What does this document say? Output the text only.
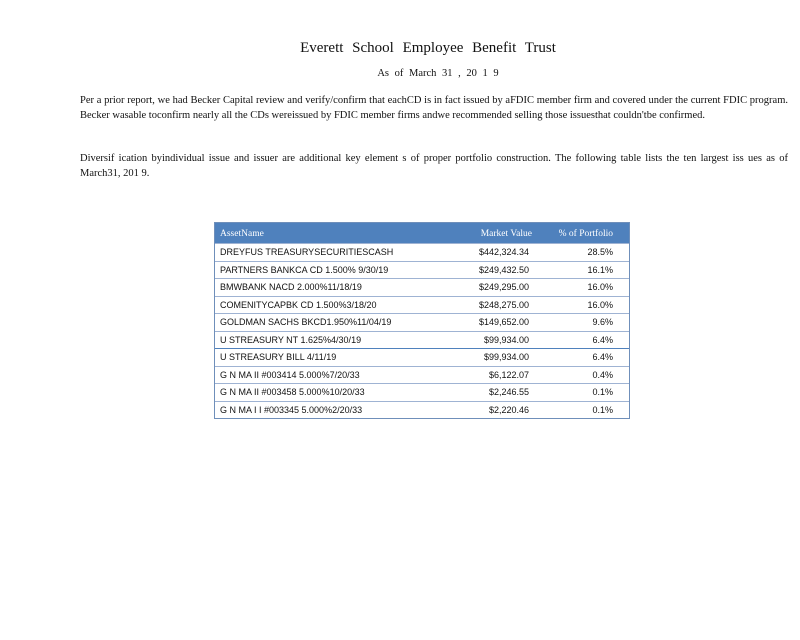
Everett School Employee Benefit Trust
As of March 31 , 20 1 9
Per a prior report, we had Becker Capital review and verify/confirm that eachCD is in fact issued by aFDIC member firm and covered under the current FDIC program. Becker wasable toconfirm nearly all the CDs wereissued by FDIC member firms andwe recommended selling those issuesthat couldn'tbe confirmed.
Diversif ication byindividual issue and issuer are additional key element s of proper portfolio construction. The following table lists the ten largest iss ues as of March31, 201 9.
AssetName	Market Value	% of Portfolio
DREYFUS TREASURYSECURITIESCASH	$442,324.34	28.5%
PARTNERS BANKCA CD 1.500% 9/30/19	$249,432.50	16.1%
BMWBANK NACD 2.000%11/18/19	$249,295.00	16.0%
COMENITYCAPBK CD 1.500%3/18/20	$248,275.00	16.0%
GOLDMAN SACHS BKCD1.950%11/04/19	$149,652.00	9.6%
U STREASURY NT 1.625%4/30/19	$99,934.00	6.4%
U STREASURY BILL 4/11/19	$99,934.00	6.4%
G N MA II #003414 5.000%7/20/33	$6,122.07	0.4%
G N MA II #003458 5.000%10/20/33	$2,246.55	0.1%
G N MA I I #003345 5.000%2/20/33	$2,220.46	0.1%
